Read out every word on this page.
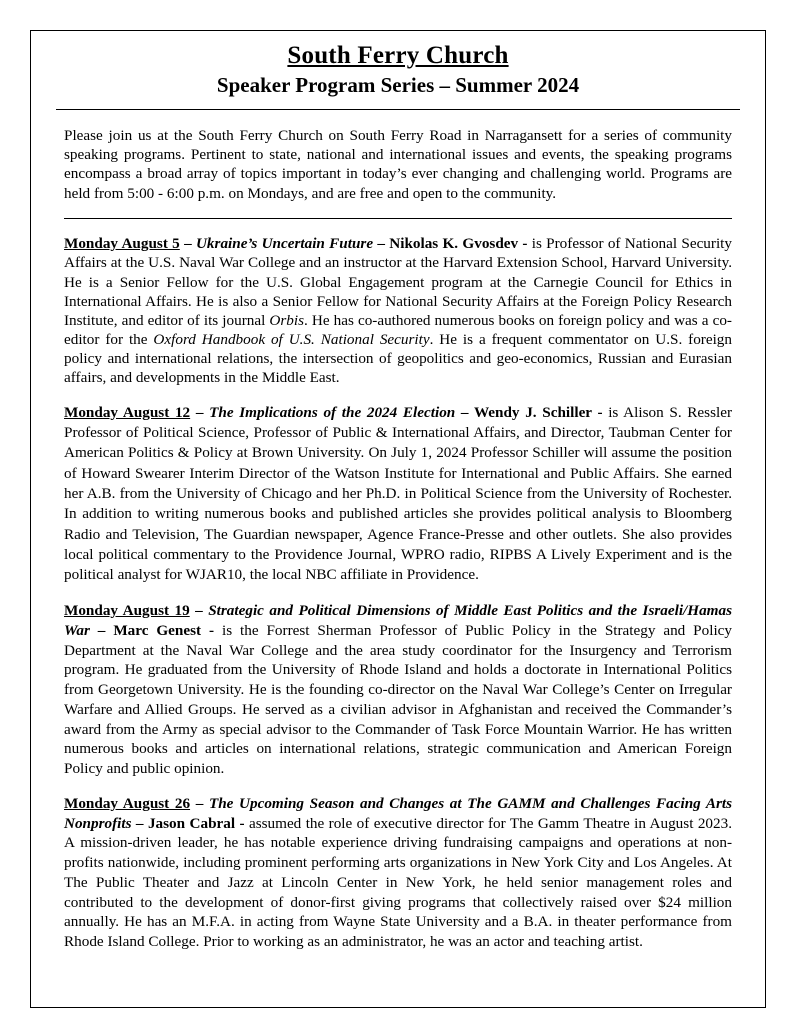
South Ferry Church
Speaker Program Series – Summer 2024

Please join us at the South Ferry Church on South Ferry Road in Narragansett for a series of community speaking programs. Pertinent to state, national and international issues and events, the speaking programs encompass a broad array of topics important in today’s ever changing and challenging world. Programs are held from 5:00 - 6:00 p.m. on Mondays, and are free and open to the community.

Monday August 5 – Ukraine’s Uncertain Future – Nikolas K. Gvosdev - is Professor of National Security Affairs at the U.S. Naval War College and an instructor at the Harvard Extension School, Harvard University. He is a Senior Fellow for the U.S. Global Engagement program at the Carnegie Council for Ethics in International Affairs. He is also a Senior Fellow for National Security Affairs at the Foreign Policy Research Institute, and editor of its journal Orbis. He has co-authored numerous books on foreign policy and was a co-editor for the Oxford Handbook of U.S. National Security. He is a frequent commentator on U.S. foreign policy and international relations, the intersection of geopolitics and geo-economics, Russian and Eurasian affairs, and developments in the Middle East.

Monday August 12 – The Implications of the 2024 Election – Wendy J. Schiller - is Alison S. Ressler Professor of Political Science, Professor of Public & International Affairs, and Director, Taubman Center for American Politics & Policy at Brown University. On July 1, 2024 Professor Schiller will assume the position of Howard Swearer Interim Director of the Watson Institute for International and Public Affairs. She earned her A.B. from the University of Chicago and her Ph.D. in Political Science from the University of Rochester. In addition to writing numerous books and published articles she provides political analysis to Bloomberg Radio and Television, The Guardian newspaper, Agence France-Presse and other outlets. She also provides local political commentary to the Providence Journal, WPRO radio, RIPBS A Lively Experiment and is the political analyst for WJAR10, the local NBC affiliate in Providence.

Monday August 19 – Strategic and Political Dimensions of Middle East Politics and the Israeli/Hamas War – Marc Genest - is the Forrest Sherman Professor of Public Policy in the Strategy and Policy Department at the Naval War College and the area study coordinator for the Insurgency and Terrorism program. He graduated from the University of Rhode Island and holds a doctorate in International Politics from Georgetown University. He is the founding co-director on the Naval War College’s Center on Irregular Warfare and Allied Groups. He served as a civilian advisor in Afghanistan and received the Commander’s award from the Army as special advisor to the Commander of Task Force Mountain Warrior. He has written numerous books and articles on international relations, strategic communication and American Foreign Policy and public opinion.

Monday August 26 – The Upcoming Season and Changes at The GAMM and Challenges Facing Arts Nonprofits – Jason Cabral - assumed the role of executive director for The Gamm Theatre in August 2023. A mission-driven leader, he has notable experience driving fundraising campaigns and operations at non-profits nationwide, including prominent performing arts organizations in New York City and Los Angeles. At The Public Theater and Jazz at Lincoln Center in New York, he held senior management roles and contributed to the development of donor-first giving programs that collectively raised over $24 million annually. He has an M.F.A. in acting from Wayne State University and a B.A. in theater performance from Rhode Island College. Prior to working as an administrator, he was an actor and teaching artist.
